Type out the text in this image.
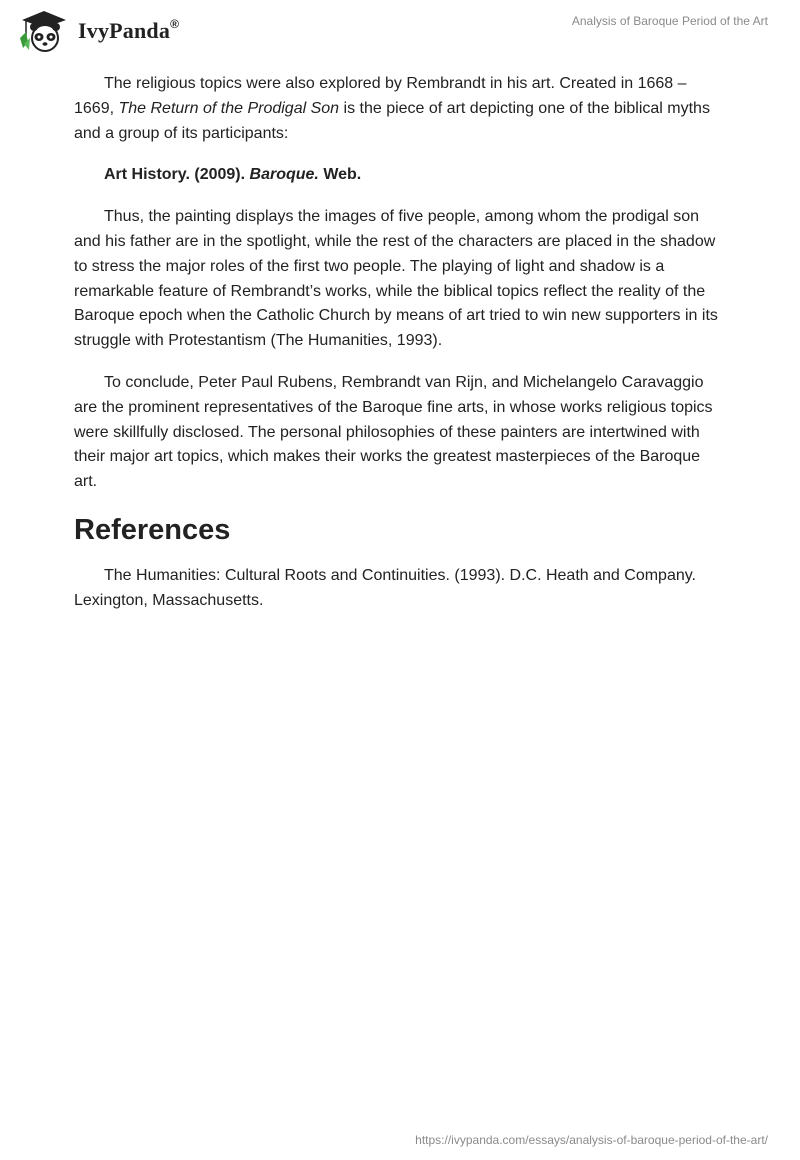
IvyPanda®	Analysis of Baroque Period of the Art

The religious topics were also explored by Rembrandt in his art. Created in 1668 – 1669, The Return of the Prodigal Son is the piece of art depicting one of the biblical myths and a group of its participants:

Art History. (2009). Baroque. Web.

Thus, the painting displays the images of five people, among whom the prodigal son and his father are in the spotlight, while the rest of the characters are placed in the shadow to stress the major roles of the first two people. The playing of light and shadow is a remarkable feature of Rembrandt’s works, while the biblical topics reflect the reality of the Baroque epoch when the Catholic Church by means of art tried to win new supporters in its struggle with Protestantism (The Humanities, 1993).

To conclude, Peter Paul Rubens, Rembrandt van Rijn, and Michelangelo Caravaggio are the prominent representatives of the Baroque fine arts, in whose works religious topics were skillfully disclosed. The personal philosophies of these painters are intertwined with their major art topics, which makes their works the greatest masterpieces of the Baroque art.

References

The Humanities: Cultural Roots and Continuities. (1993). D.C. Heath and Company. Lexington, Massachusetts.

https://ivypanda.com/essays/analysis-of-baroque-period-of-the-art/
